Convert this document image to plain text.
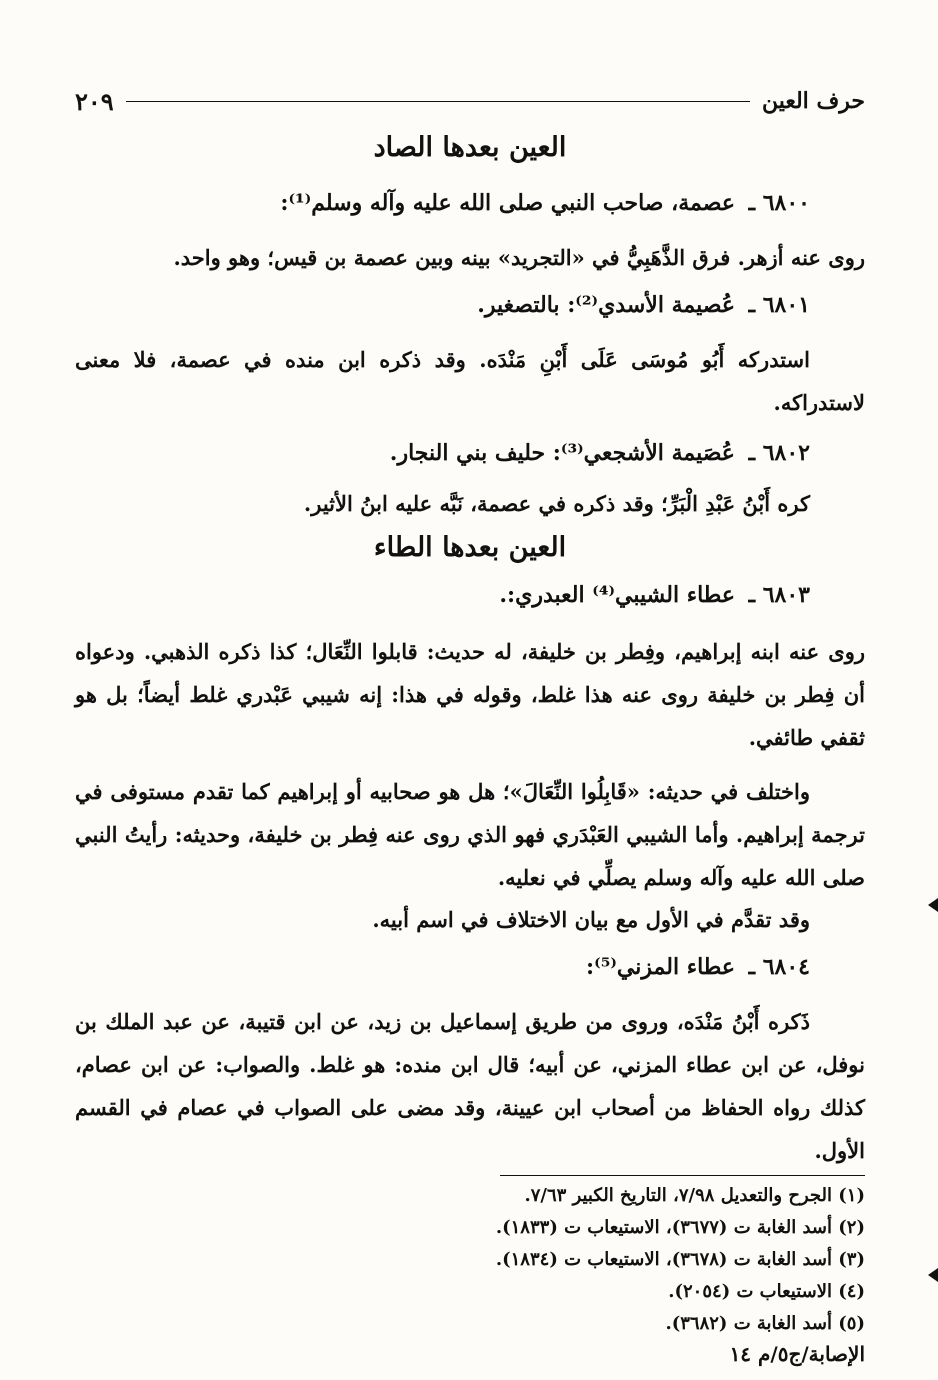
حرف العين
٢٠٩
العين بعدها الصاد
٦٨٠٠ ـ عصمة، صاحب النبي صلى الله عليه وآله وسلم⁽¹⁾:
روى عنه أزهر. فرق الذَّهَبِيُّ في «التجريد» بينه وبين عصمة بن قيس؛ وهو واحد.
٦٨٠١ ـ عُصيمة الأسدي⁽²⁾: بالتصغير.
استدركه أَبُو مُوسَى عَلَى أَبْنِ مَنْدَه. وقد ذكره ابن منده في عصمة، فلا معنى لاستدراكه.
٦٨٠٢ ـ عُصَيمة الأشجعي⁽³⁾: حليف بني النجار.
كره أَبْنُ عَبْدِ الْبَرِّ؛ وقد ذكره في عصمة، نَبَّه عليه ابنُ الأثير.
العين بعدها الطاء
٦٨٠٣ ـ عطاء الشيبي⁽⁴⁾ العبدري:.
روى عنه ابنه إبراهيم، وفِطر بن خليفة، له حديث: قابلوا النِّعَال؛ كذا ذكره الذهبي. ودعواه أن فِطر بن خليفة روى عنه هذا غلط، وقوله في هذا: إنه شيبي عَبْدري غلط أيضاً؛ بل هو ثقفي طائفي.
واختلف في حديثه: «قَابِلُوا النِّعَالَ»؛ هل هو صحابيه أو إبراهيم كما تقدم مستوفى في ترجمة إبراهيم. وأما الشيبي العَبْدَري فهو الذي روى عنه فِطر بن خليفة، وحديثه: رأيتُ النبي صلى الله عليه وآله وسلم يصلِّي في نعليه.
وقد تقدَّم في الأول مع بيان الاختلاف في اسم أبيه.
٦٨٠٤ ـ عطاء المزني⁽⁵⁾:
ذَكره أَبْنُ مَنْدَه، وروى من طريق إسماعيل بن زيد، عن ابن قتيبة، عن عبد الملك بن نوفل، عن ابن عطاء المزني، عن أبيه؛ قال ابن منده: هو غلط. والصواب: عن ابن عصام، كذلك رواه الحفاظ من أصحاب ابن عيينة، وقد مضى على الصواب في عصام في القسم الأول.
(١) الجرح والتعديل ٧/٩٨، التاريخ الكبير ٧/٦٣.
(٢) أسد الغابة ت (٣٦٧٧)، الاستيعاب ت (١٨٣٣).
(٣) أسد الغابة ت (٣٦٧٨)، الاستيعاب ت (١٨٣٤).
(٤) الاستيعاب ت (٢٠٥٤).
(٥) أسد الغابة ت (٣٦٨٢).
الإصابة/ج٥/م ١٤
